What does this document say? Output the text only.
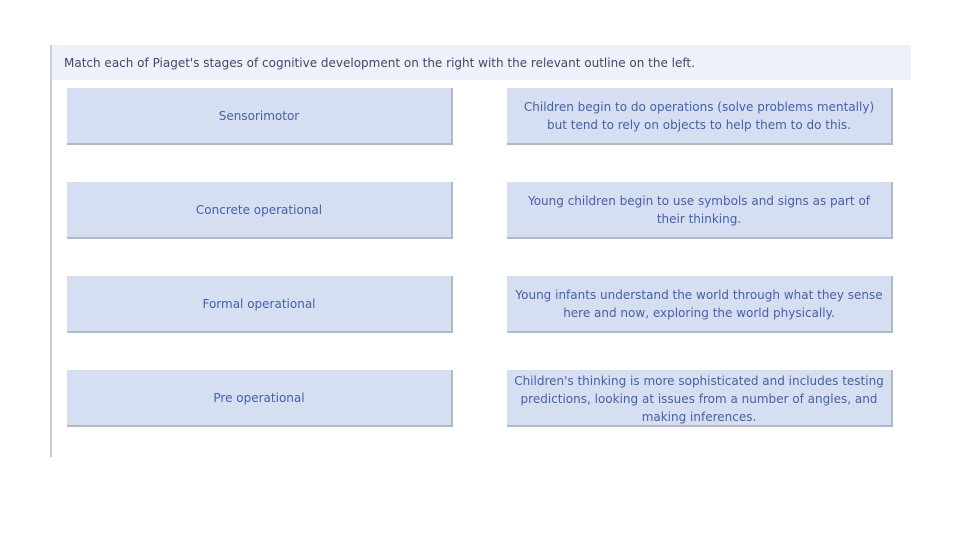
Match each of Piaget's stages of cognitive development on the right with the relevant outline on the left.
Sensorimotor
Concrete operational
Formal operational
Pre operational
Children begin to do operations (solve problems mentally) but tend to rely on objects to help them to do this.
Young children begin to use symbols and signs as part of their thinking.
Young infants understand the world through what they sense here and now, exploring the world physically.
Children's thinking is more sophisticated and includes testing predictions, looking at issues from a number of angles, and making inferences.
